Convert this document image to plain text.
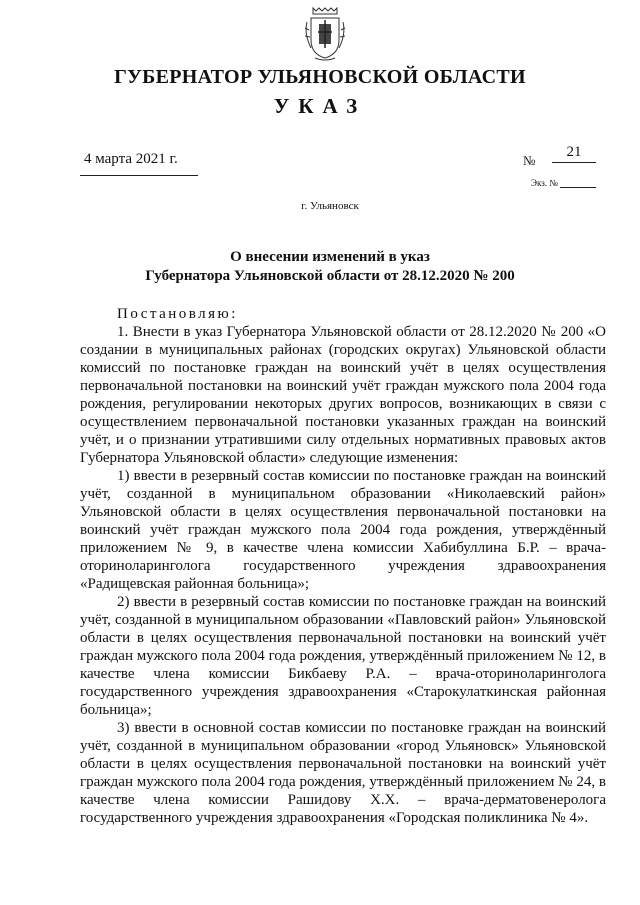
ГУБЕРНАТОР УЛЬЯНОВСКОЙ ОБЛАСТИ
УКАЗ
4 марта 2021 г.	№
21
Экз. №
г. Ульяновск
О внесении изменений в указ
Губернатора Ульяновской области от 28.12.2020 № 200

Постановляю:

1. Внести в указ Губернатора Ульяновской области от 28.12.2020 № 200 «О создании в муниципальных районах (городских округах) Ульяновской области комиссий по постановке граждан на воинский учёт в целях осуществления первоначальной постановки на воинский учёт граждан мужского пола 2004 года рождения, регулировании некоторых других вопросов, возникающих в связи с осуществлением первоначальной постановки указанных граждан на воинский учёт, и о признании утратившими силу отдельных нормативных правовых актов Губернатора Ульяновской области» следующие изменения:

1) ввести в резервный состав комиссии по постановке граждан на воинский учёт, созданной в муниципальном образовании «Николаевский район» Ульяновской области в целях осуществления первоначальной постановки на воинский учёт граждан мужского пола 2004 года рождения, утверждённый приложением № 9, в качестве члена комиссии Хабибуллина Б.Р. – врача-оториноларинголога государственного учреждения здравоохранения «Радищевская районная больница»;

2) ввести в резервный состав комиссии по постановке граждан на воинский учёт, созданной в муниципальном образовании «Павловский район» Ульяновской области в целях осуществления первоначальной постановки на воинский учёт граждан мужского пола 2004 года рождения, утверждённый приложением № 12, в качестве члена комиссии Бикбаеву Р.А. – врача-оториноларинголога государственного учреждения здравоохранения «Старокулаткинская районная больница»;

3) ввести в основной состав комиссии по постановке граждан на воинский учёт, созданной в муниципальном образовании «город Ульяновск» Ульяновской области в целях осуществления первоначальной постановки на воинский учёт граждан мужского пола 2004 года рождения, утверждённый приложением № 24, в качестве члена комиссии Рашидову Х.Х. – врача-дерматовенеролога государственного учреждения здравоохранения «Городская поликлиника № 4».
